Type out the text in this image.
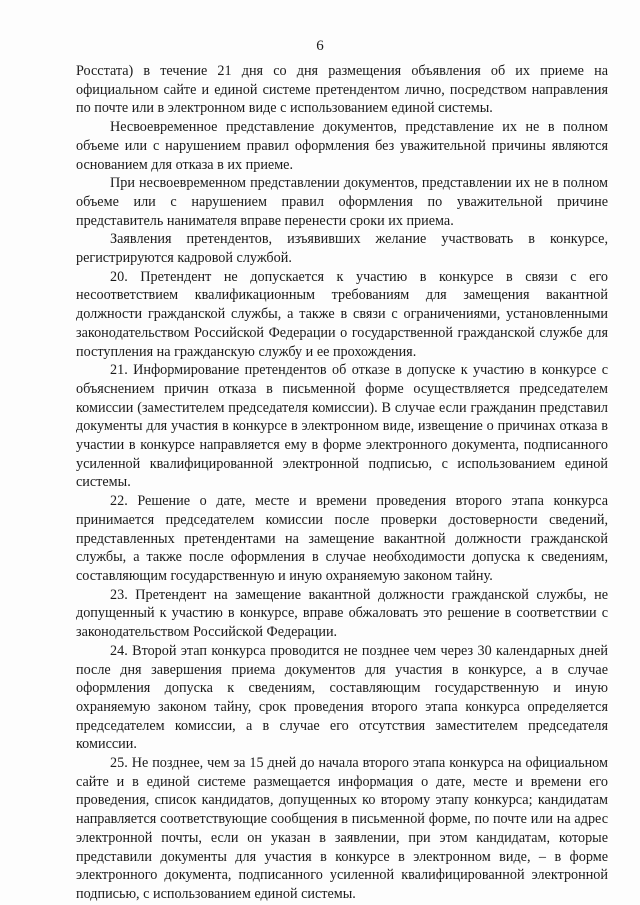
6

Росстата) в течение 21 дня со дня размещения объявления об их приеме на официальном сайте и единой системе претендентом лично, посредством направления по почте или в электронном виде с использованием единой системы.

Несвоевременное представление документов, представление их не в полном объеме или с нарушением правил оформления без уважительной причины являются основанием для отказа в их приеме.

При несвоевременном представлении документов, представлении их не в полном объеме или с нарушением правил оформления по уважительной причине представитель нанимателя вправе перенести сроки их приема.

Заявления претендентов, изъявивших желание участвовать в конкурсе, регистрируются кадровой службой.

20. Претендент не допускается к участию в конкурсе в связи с его несоответствием квалификационным требованиям для замещения вакантной должности гражданской службы, а также в связи с ограничениями, установленными законодательством Российской Федерации о государственной гражданской службе для поступления на гражданскую службу и ее прохождения.

21. Информирование претендентов об отказе в допуске к участию в конкурсе с объяснением причин отказа в письменной форме осуществляется председателем комиссии (заместителем председателя комиссии). В случае если гражданин представил документы для участия в конкурсе в электронном виде, извещение о причинах отказа в участии в конкурсе направляется ему в форме электронного документа, подписанного усиленной квалифицированной электронной подписью, с использованием единой системы.

22. Решение о дате, месте и времени проведения второго этапа конкурса принимается председателем комиссии после проверки достоверности сведений, представленных претендентами на замещение вакантной должности гражданской службы, а также после оформления в случае необходимости допуска к сведениям, составляющим государственную и иную охраняемую законом тайну.

23. Претендент на замещение вакантной должности гражданской службы, не допущенный к участию в конкурсе, вправе обжаловать это решение в соответствии с законодательством Российской Федерации.

24. Второй этап конкурса проводится не позднее чем через 30 календарных дней после дня завершения приема документов для участия в конкурсе, а в случае оформления допуска к сведениям, составляющим государственную и иную охраняемую законом тайну, срок проведения второго этапа конкурса определяется председателем комиссии, а в случае его отсутствия заместителем председателя комиссии.

25. Не позднее, чем за 15 дней до начала второго этапа конкурса на официальном сайте и в единой системе размещается информация о дате, месте и времени его проведения, список кандидатов, допущенных ко второму этапу конкурса; кандидатам направляется соответствующие сообщения в письменной форме, по почте или на адрес электронной почты, если он указан в заявлении, при этом кандидатам, которые представили документы для участия в конкурсе в электронном виде, – в форме электронного документа, подписанного усиленной квалифицированной электронной подписью, с использованием единой системы.
